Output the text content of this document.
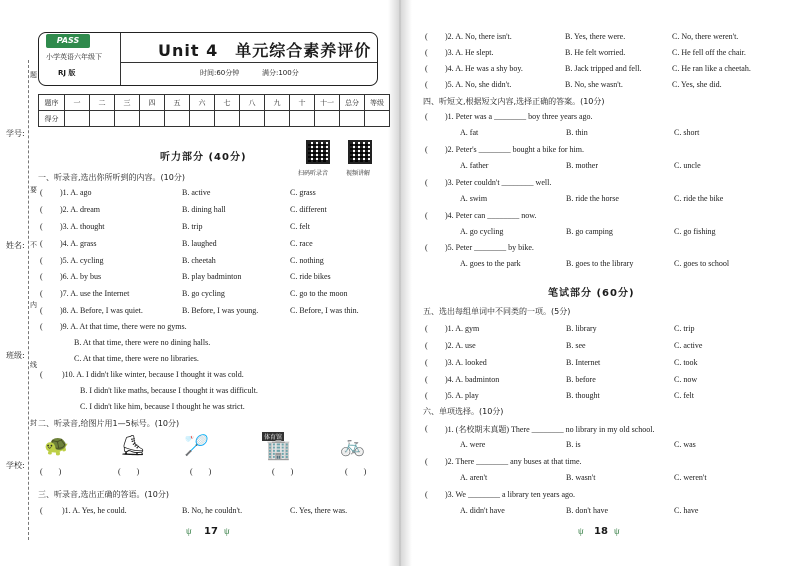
学号:
姓名:
班级:
学校:
题
要
不
内
线
封
PASS
小学英语六年级下
RJ 版
Unit 4　单元综合素养评价
时间:60分钟	满分:100分
题序	一	二	三	四	五	六	七	八	九	十	十一	总分	等级
得分													
听力部分 (40分)
扫码听录音	视频讲解
一、听录音,选出你所听到的内容。(10分)
( )1. A. ago	B. active	C. grass
( )2. A. dream	B. dining hall	C. different
( )3. A. thought	B. trip	C. felt
( )4. A. grass	B. laughed	C. race
( )5. A. cycling	B. cheetah	C. nothing
( )6. A. by bus	B. play badminton	C. ride bikes
( )7. A. use the Internet	B. go cycling	C. go to the moon
( )8. A. Before, I was quiet.	B. Before, I was young.	C. Before, I was thin.
( )9. A. At that time, there were no gyms.
B. At that time, there were no dining halls.
C. At that time, there were no libraries.
( )10. A. I didn't like winter, because I thought it was cold.
B. I didn't like maths, because I thought it was difficult.
C. I didn't like him, because I thought he was strict.
二、听录音,给图片用1—5标号。(10分)
🐢	⛸ 🏸	体育馆
🏢 🚲
(　　)	(　　)	(　　)	(　　)	(　　)
三、听录音,选出正确的答语。(10分)
( )1. A. Yes, he could.	B. No, he couldn't.	C. Yes, there was.
ψ 17 ψ
( )2. A. No, there isn't.	B. Yes, there were.	C. No, there weren't.
( )3. A. He slept.	B. He felt worried.	C. He fell off the chair.
( )4. A. He was a shy boy.	B. Jack tripped and fell.	C. He ran like a cheetah.
( )5. A. No, she didn't.	B. No, she wasn't.	C. Yes, she did.
四、听短文,根据短文内容,选择正确的答案。(10分)
( )1. Peter was a ________ boy three years ago.
A. fat	B. thin	C. short
( )2. Peter's ________ bought a bike for him.
A. father	B. mother	C. uncle
( )3. Peter couldn't ________ well.
A. swim	B. ride the horse	C. ride the bike
( )4. Peter can ________ now.
A. go cycling	B. go camping	C. go fishing
( )5. Peter ________ by bike.
A. goes to the park	B. goes to the library	C. goes to school
笔试部分 (60分)
五、选出每组单词中不同类的一项。(5分)
( )1. A. gym	B. library	C. trip
( )2. A. use	B. see	C. active
( )3. A. looked	B. Internet	C. took
( )4. A. badminton	B. before	C. now
( )5. A. play	B. thought	C. felt
六、单项选择。(10分)
( )1. (名校期末真题) There ________ no library in my old school.
A. were	B. is	C. was
( )2. There ________ any buses at that time.
A. aren't	B. wasn't	C. weren't
( )3. We ________ a library ten years ago.
A. didn't have	B. don't have	C. have
ψ 18 ψ
